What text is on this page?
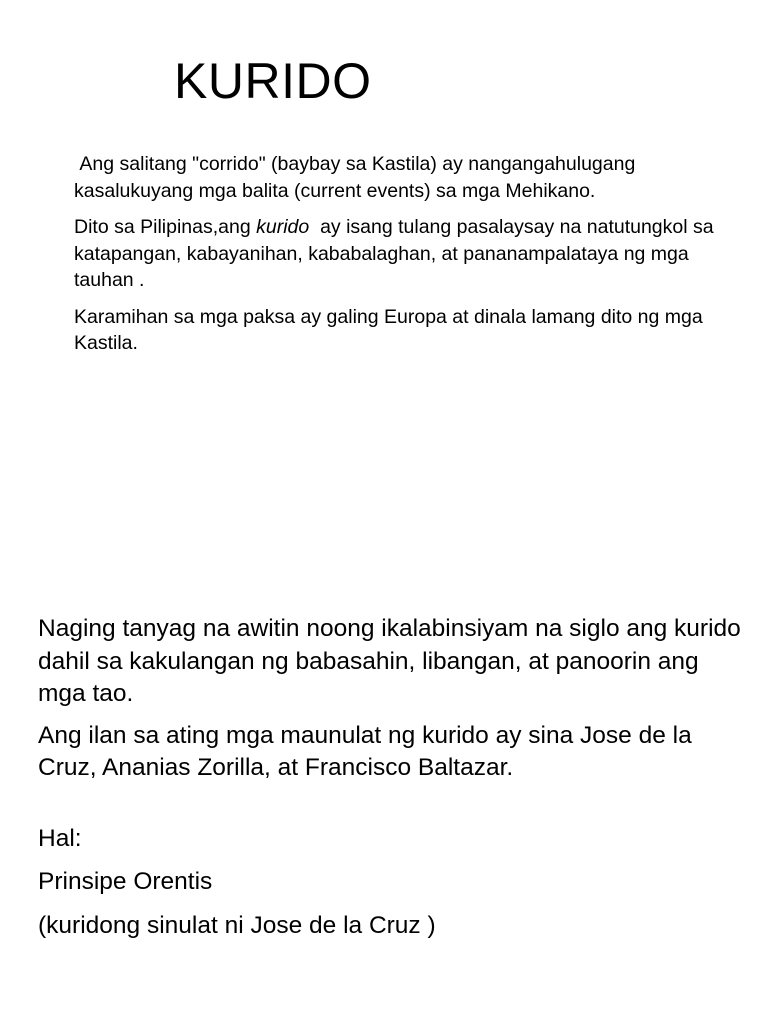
KURIDO

Ang salitang "corrido" (baybay sa Kastila) ay nangangahulugang kasalukuyang mga balita (current events) sa mga Mehikano.

Dito sa Pilipinas,ang kurido  ay isang tulang pasalaysay na natutungkol sa katapangan, kabayanihan, kababalaghan, at pananampalataya ng mga tauhan .

Karamihan sa mga paksa ay galing Europa at dinala lamang dito ng mga Kastila.

Naging tanyag na awitin noong ikalabinsiyam na siglo ang kurido dahil sa kakulangan ng babasahin, libangan, at panoorin ang mga tao.

Ang ilan sa ating mga maunulat ng kurido ay sina Jose de la Cruz, Ananias Zorilla, at Francisco Baltazar.

Hal:

Prinsipe Orentis

(kuridong sinulat ni Jose de la Cruz )
